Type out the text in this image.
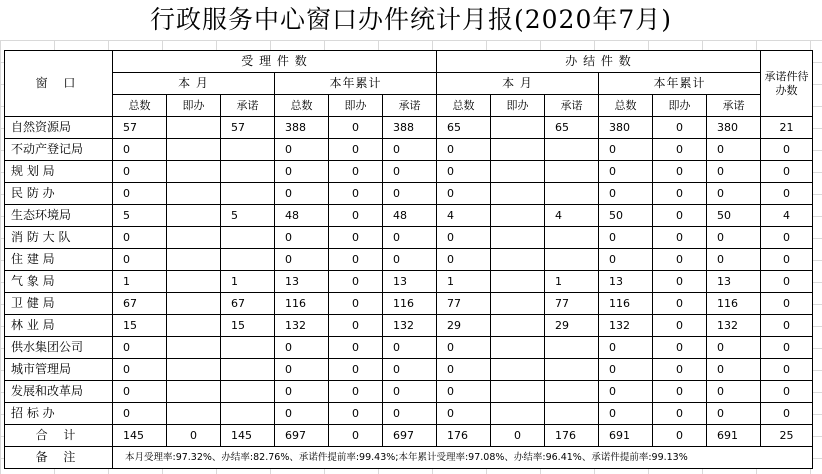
行政服务中心窗口办件统计月报(2020年7月)
窗 口	受 理 件 数						办 结 件 数						承诺件待办数
	本 月			本年累计			本 月			本年累计			
	总数	即办	承诺	总数	即办	承诺	总数	即办	承诺	总数	即办	承诺	
自然资源局	57		57	388	0	388	65		65	380	0	380	21
不动产登记局	0			0	0	0	0			0	0	0	0
规 划 局	0			0	0	0	0			0	0	0	0
民 防 办	0			0	0	0	0			0	0	0	0
生态环境局	5		5	48	0	48	4		4	50	0	50	4
消 防 大 队	0			0	0	0	0			0	0	0	0
住 建 局	0			0	0	0	0			0	0	0	0
气 象 局	1		1	13	0	13	1		1	13	0	13	0
卫 健 局	67		67	116	0	116	77		77	116	0	116	0
林 业 局	15		15	132	0	132	29		29	132	0	132	0
供水集团公司	0			0	0	0	0			0	0	0	0
城市管理局	0			0	0	0	0			0	0	0	0
发展和改革局	0			0	0	0	0			0	0	0	0
招 标 办	0			0	0	0	0			0	0	0	0
合 计	145	0	145	697	0	697	176	0	176	691	0	691	25
备 注	本月受理率:97.32%、办结率:82.76%、承诺件提前率:99.43%;本年累计受理率:97.08%、办结率:96.41%、承诺件提前率:99.13%												
